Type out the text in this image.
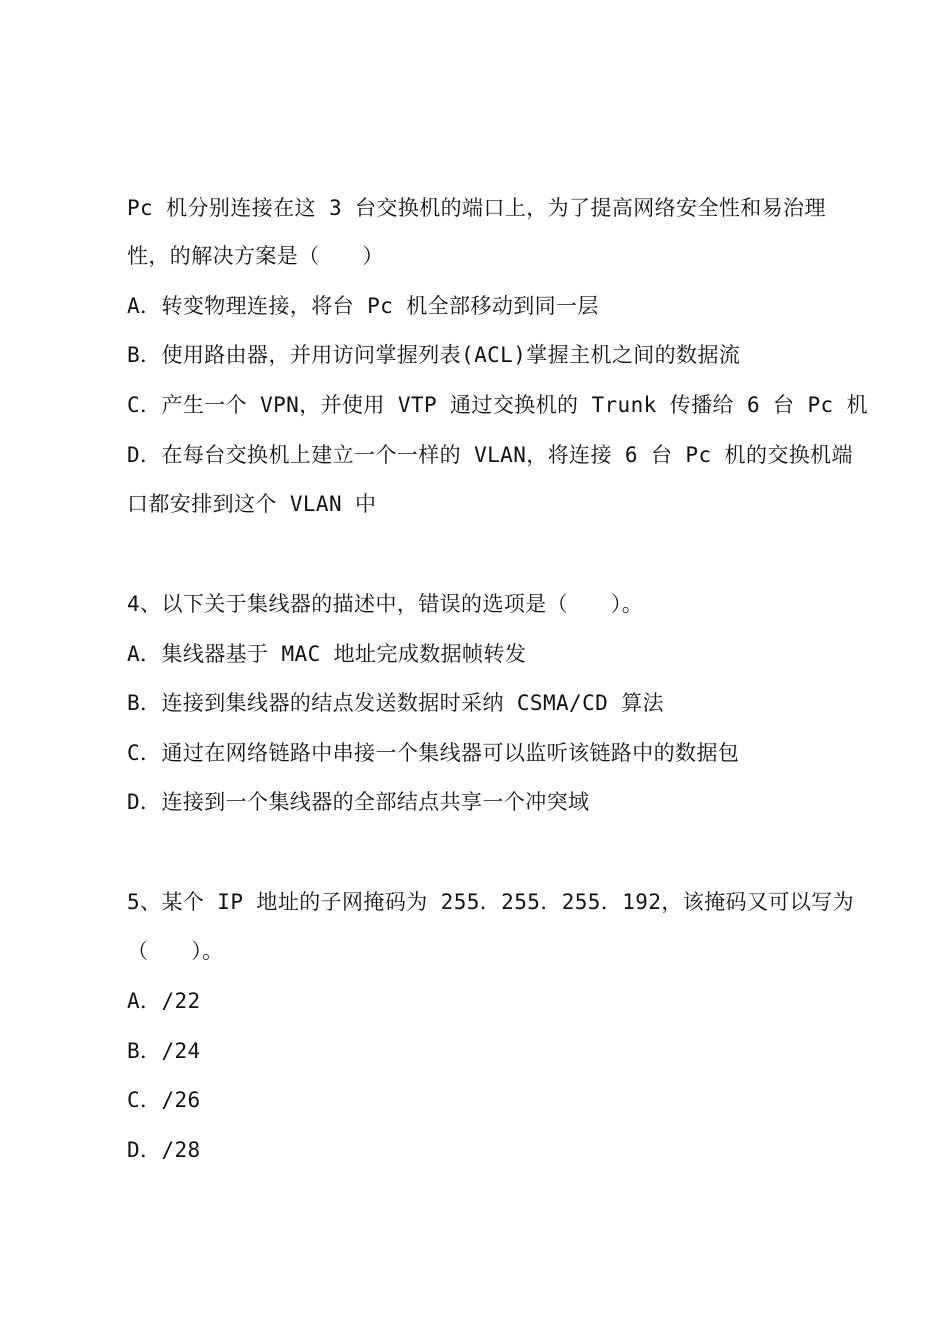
Pc 机分别连接在这 3 台交换机的端口上，为了提高网络安全性和易治理
性，的解决方案是（　　）
A．转变物理连接，将台 Pc 机全部移动到同一层
B．使用路由器，并用访问掌握列表(ACL)掌握主机之间的数据流
C．产生一个 VPN，并使用 VTP 通过交换机的 Trunk 传播给 6 台 Pc 机
D．在每台交换机上建立一个一样的 VLAN，将连接 6 台 Pc 机的交换机端
口都安排到这个 VLAN 中
4、以下关于集线器的描述中，错误的选项是（　　）。
A．集线器基于 MAC 地址完成数据帧转发
B．连接到集线器的结点发送数据时采纳 CSMA/CD 算法
C．通过在网络链路中串接一个集线器可以监听该链路中的数据包
D．连接到一个集线器的全部结点共享一个冲突域
5、某个 IP 地址的子网掩码为 255．255．255．192，该掩码又可以写为
（　　）。
A．/22
B．/24
C．/26
D．/28
